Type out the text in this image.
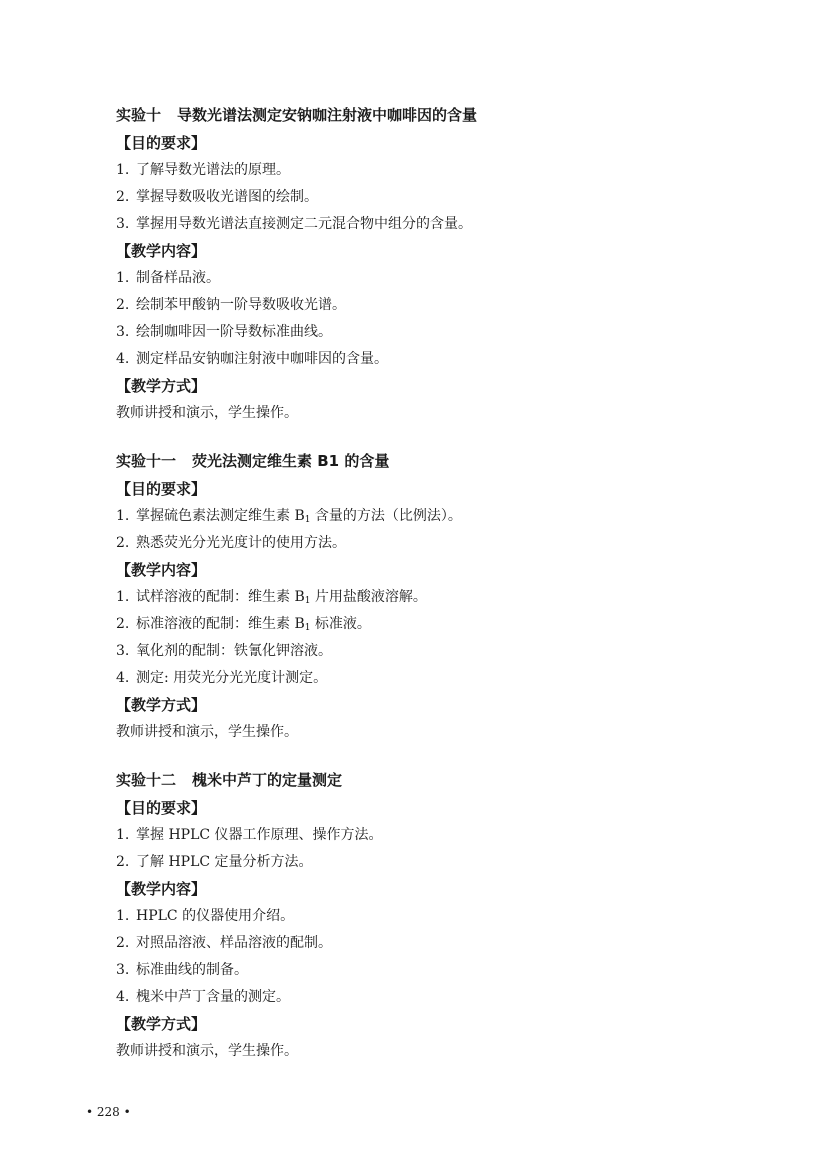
实验十 导数光谱法测定安钠咖注射液中咖啡因的含量
【目的要求】
1. 了解导数光谱法的原理。
2. 掌握导数吸收光谱图的绘制。
3. 掌握用导数光谱法直接测定二元混合物中组分的含量。
【教学内容】
1. 制备样品液。
2. 绘制苯甲酸钠一阶导数吸收光谱。
3. 绘制咖啡因一阶导数标准曲线。
4. 测定样品安钠咖注射液中咖啡因的含量。
【教学方式】
教师讲授和演示，学生操作。
实验十一 荧光法测定维生素 B1 的含量
【目的要求】
1. 掌握硫色素法测定维生素 $B_1$ 含量的方法（比例法）。
2. 熟悉荧光分光光度计的使用方法。
【教学内容】
1. 试样溶液的配制：维生素 $B_1$ 片用盐酸液溶解。
2. 标准溶液的配制：维生素 $B_1$ 标准液。
3. 氧化剂的配制：铁氰化钾溶液。
4. 测定: 用荧光分光光度计测定。
【教学方式】
教师讲授和演示，学生操作。
实验十二 槐米中芦丁的定量测定
【目的要求】
1. 掌握 HPLC 仪器工作原理、操作方法。
2. 了解 HPLC 定量分析方法。
【教学内容】
1. HPLC 的仪器使用介绍。
2. 对照品溶液、样品溶液的配制。
3. 标准曲线的制备。
4. 槐米中芦丁含量的测定。
【教学方式】
教师讲授和演示，学生操作。
• 228 •
